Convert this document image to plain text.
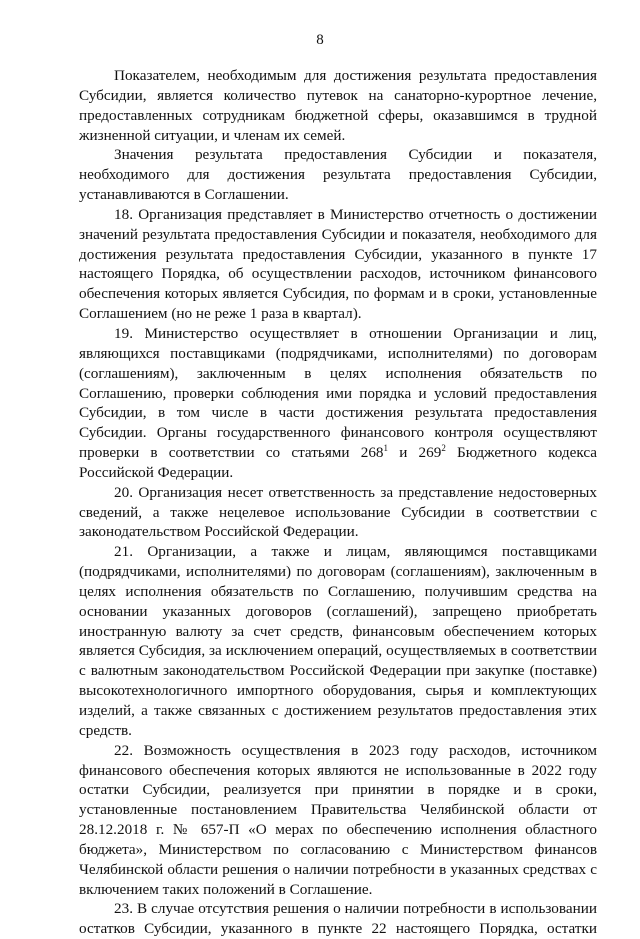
8
Показателем, необходимым для достижения результата предоставления
Субсидии, является количество путевок на санаторно-курортное лечение,
предоставленных сотрудникам бюджетной сферы, оказавшимся в трудной
жизненной ситуации, и членам их семей.
Значения результата предоставления Субсидии и показателя,
необходимого для достижения результата предоставления Субсидии,
устанавливаются в Соглашении.
18. Организация представляет в Министерство отчетность о достижении
значений результата предоставления Субсидии и показателя, необходимого для
достижения результата предоставления Субсидии, указанного в пункте 17
настоящего Порядка, об осуществлении расходов, источником финансового
обеспечения которых является Субсидия, по формам и в сроки, установленные
Соглашением (но не реже 1 раза в квартал).
19. Министерство осуществляет в отношении Организации и лиц,
являющихся поставщиками (подрядчиками, исполнителями) по договорам
(соглашениям), заключенным в целях исполнения обязательств по
Соглашению, проверки соблюдения ими порядка и условий предоставления
Субсидии, в том числе в части достижения результата предоставления
Субсидии. Органы государственного финансового контроля осуществляют
проверки в соответствии со статьями $268^1$ и $269^2$ Бюджетного кодекса
Российской Федерации.
20. Организация несет ответственность за представление недостоверных
сведений, а также нецелевое использование Субсидии в соответствии с
законодательством Российской Федерации.
21. Организации, а также и лицам, являющимся поставщиками
(подрядчиками, исполнителями) по договорам (соглашениям), заключенным в
целях исполнения обязательств по Соглашению, получившим средства на
основании указанных договоров (соглашений), запрещено приобретать
иностранную валюту за счет средств, финансовым обеспечением которых
является Субсидия, за исключением операций, осуществляемых в соответствии
с валютным законодательством Российской Федерации при закупке (поставке)
высокотехнологичного импортного оборудования, сырья и комплектующих
изделий, а также связанных с достижением результатов предоставления этих
средств.
22. Возможность осуществления в 2023 году расходов, источником
финансового обеспечения которых являются не использованные в 2022 году
остатки Субсидии, реализуется при принятии в порядке и в сроки,
установленные постановлением Правительства Челябинской области от
28.12.2018 г. № 657-П «О мерах по обеспечению исполнения областного
бюджета», Министерством по согласованию с Министерством финансов
Челябинской области решения о наличии потребности в указанных средствах с
включением таких положений в Соглашение.
23. В случае отсутствия решения о наличии потребности в использовании
остатков Субсидии, указанного в пункте 22 настоящего Порядка, остатки
